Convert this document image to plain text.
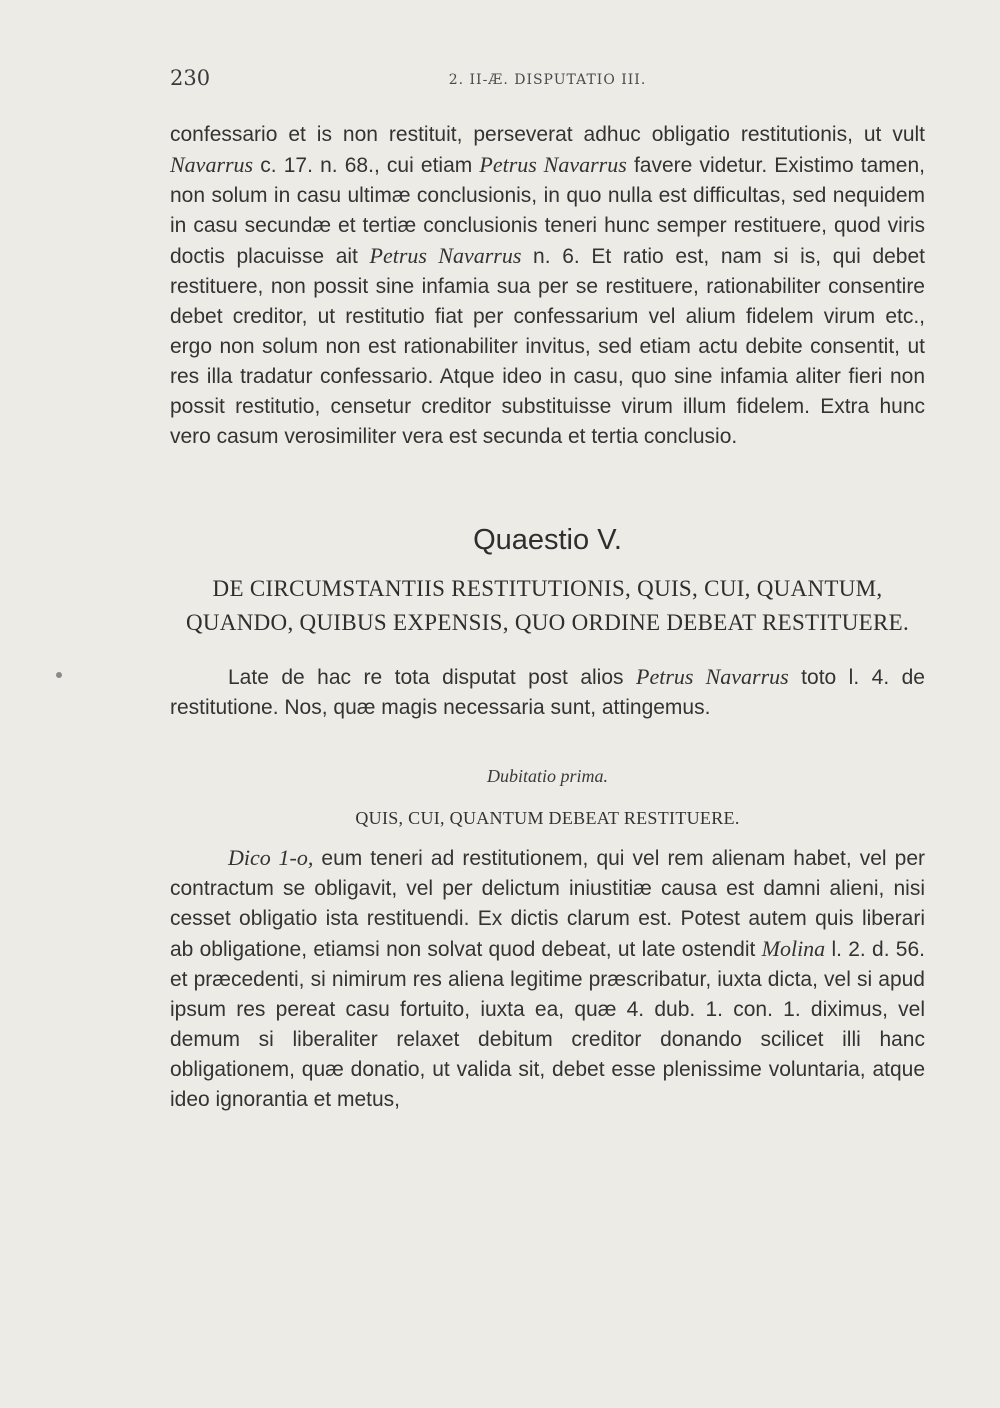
230	2. II-Æ. DISPUTATIO III.

confessario et is non restituit, perseverat adhuc obligatio restitutionis, ut vult Navarrus c. 17. n. 68., cui etiam Petrus Navarrus favere videtur. Existimo tamen, non solum in casu ultimæ conclusionis, in quo nulla est difficultas, sed nequidem in casu secundæ et tertiæ conclusionis teneri hunc semper restituere, quod viris doctis placuisse ait Petrus Navarrus n. 6. Et ratio est, nam si is, qui debet restituere, non possit sine infamia sua per se restituere, rationabiliter consentire debet creditor, ut restitutio fiat per confessarium vel alium fidelem virum etc., ergo non solum non est rationabiliter invitus, sed etiam actu debite consentit, ut res illa tradatur confessario. Atque ideo in casu, quo sine infamia aliter fieri non possit restitutio, censetur creditor substituisse virum illum fidelem. Extra hunc vero casum verosimiliter vera est secunda et tertia conclusio.

Quaestio V.
DE CIRCUMSTANTIIS RESTITUTIONIS, QUIS, CUI, QUANTUM, QUANDO, QUIBUS EXPENSIS, QUO ORDINE DEBEAT RESTITUERE.

Late de hac re tota disputat post alios Petrus Navarrus toto l. 4. de restitutione. Nos, quæ magis necessaria sunt, attingemus.

Dubitatio prima.
QUIS, CUI, QUANTUM DEBEAT RESTITUERE.

Dico 1-o, eum teneri ad restitutionem, qui vel rem alienam habet, vel per contractum se obligavit, vel per delictum iniustitiæ causa est damni alieni, nisi cesset obligatio ista restituendi. Ex dictis clarum est. Potest autem quis liberari ab obligatione, etiamsi non solvat quod debeat, ut late ostendit Molina l. 2. d. 56. et præcedenti, si nimirum res aliena legitime præscribatur, iuxta dicta, vel si apud ipsum res pereat casu fortuito, iuxta ea, quæ 4. dub. 1. con. 1. diximus, vel demum si liberaliter relaxet debitum creditor donando scilicet illi hanc obligationem, quæ donatio, ut valida sit, debet esse plenissime voluntaria, atque ideo ignorantia et metus,
